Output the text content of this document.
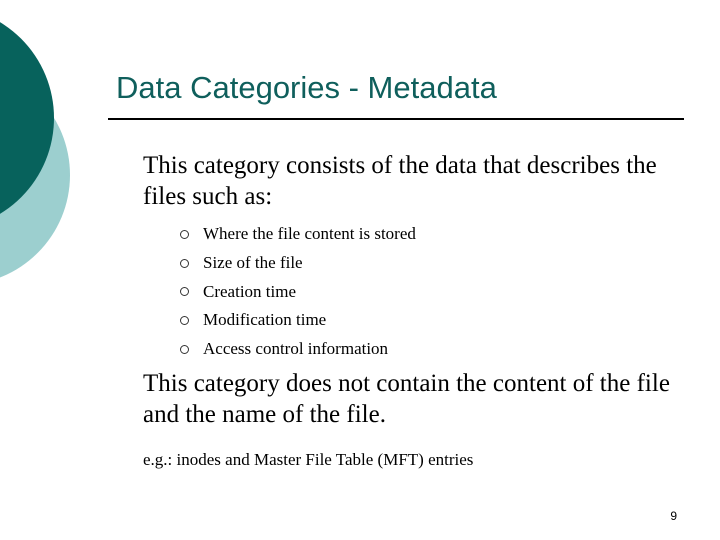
Data Categories - Metadata
This category consists of the data that describes the files such as:
Where the file content is stored
Size of the file
Creation time
Modification time
Access control information
This category does not contain the content of the file and the name of the file.
e.g.: inodes and Master File Table (MFT) entries
9
